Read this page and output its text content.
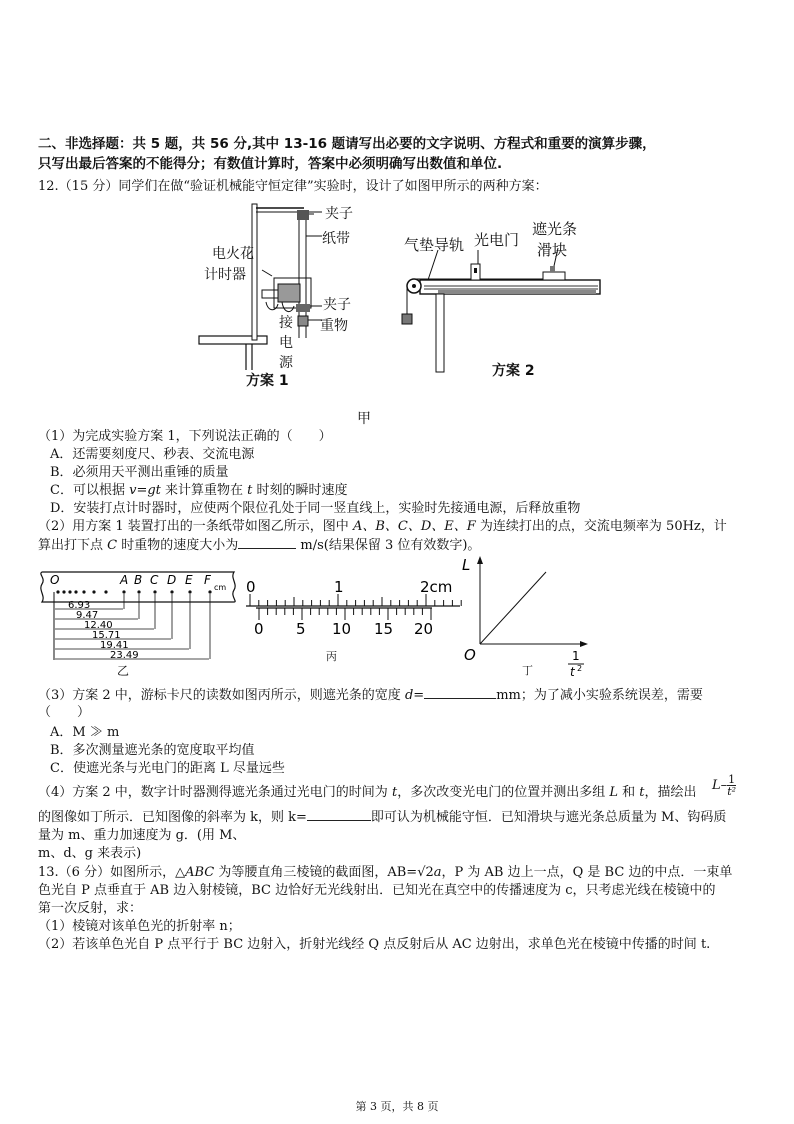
二、非选择题：共 5 题，共 56 分,其中 13-16 题请写出必要的文字说明、方程式和重要的演算步骤，
只写出最后答案的不能得分；有数值计算时，答案中必须明确写出数值和单位.
12.（15 分）同学们在做“验证机械能守恒定律”实验时，设计了如图甲所示的两种方案：
夹子
纸带
电火花
计时器
夹子
重物
接
电
源
方案 1
气垫导轨 光电门
遮光条
滑块
方案 2
甲
（1）为完成实验方案 1，下列说法正确的（　　）
A．还需要刻度尺、秒表、交流电源
B．必须用天平测出重锤的质量
C．可以根据 v=gt 来计算重物在 t 时刻的瞬时速度
D．安装打点计时器时，应使两个限位孔处于同一竖直线上，实验时先接通电源，后释放重物
（2）用方案 1 装置打出的一条纸带如图乙所示，图中 A、B、C、D、E、F 为连续打出的点，交流电频率为 50Hz，计
算出打下点 C 时重物的速度大小为	m/s(结果保留 3 位有效数字)。
O	A B C D E F
cm
6.93
9.47
12.40
15.71
19.41
23.49
乙
0	1	2cm
0 5 10 15 20
丙
L
O	1
t 2
丁
（3）方案 2 中，游标卡尺的读数如图丙所示，则遮光条的宽度 d=	mm；为了减小实验系统误差，需要
（　　）
A．M ≫ m
B．多次测量遮光条的宽度取平均值
C．使遮光条与光电门的距离 L 尽量远些
（4）方案 2 中，数字计时器测得遮光条通过光电门的时间为 t，多次改变光电门的位置并测出多组 L 和 t，描绘出 $L- \frac{1}{\text{t²}}$
的图像如丁所示．已知图像的斜率为 k，则 k=	即可认为机械能守恒．已知滑块与遮光条总质量为 M、钩码质
量为 m、重力加速度为 g．(用 M、
m、d、g 来表示)
13.（6 分）如图所示，△ABC 为等腰直角三棱镜的截面图，AB=√2a，P 为 AB 边上一点，Q 是 BC 边的中点．一束单
色光自 P 点垂直于 AB 边入射棱镜，BC 边恰好无光线射出．已知光在真空中的传播速度为 c，只考虑光线在棱镜中的
第一次反射，求：
（1）棱镜对该单色光的折射率 n；
（2）若该单色光自 P 点平行于 BC 边射入，折射光线经 Q 点反射后从 AC 边射出，求单色光在棱镜中传播的时间 t.
第 3 页，共 8 页
